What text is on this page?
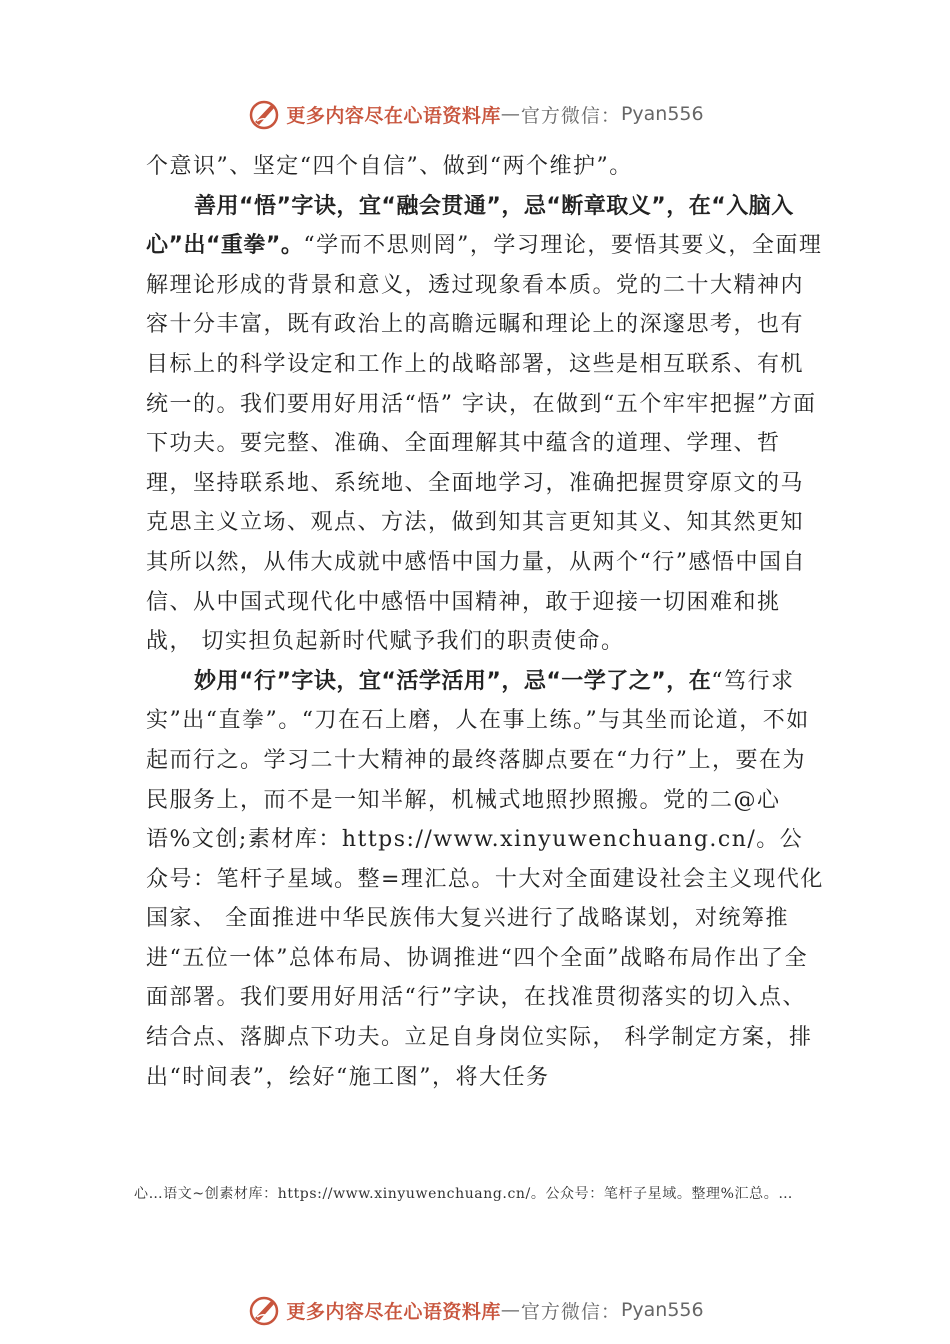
更多内容尽在心语资料库 — 官方微信： Pyan556

个意识”、坚定“四个自信”、做到“两个维护”。

善用“悟”字诀，宜“融会贯通”，忌“断章取义”，在“入脑入心”出“重拳”。“学而不思则罔”，学习理论，要悟其要义，全面理解理论形成的背景和意义，透过现象看本质。党的二十大精神内容十分丰富，既有政治上的高瞻远瞩和理论上的深邃思考，也有目标上的科学设定和工作上的战略部署，这些是相互联系、有机统一的。我们要用好用活“悟” 字诀，在做到“五个牢牢把握”方面下功夫。要完整、准确、全面理解其中蕴含的道理、学理、哲理，坚持联系地、系统地、全面地学习，准确把握贯穿原文的马克思主义立场、观点、方法，做到知其言更知其义、知其然更知其所以然，从伟大成就中感悟中国力量，从两个“行”感悟中国自信、从中国式现代化中感悟中国精神，敢于迎接一切困难和挑战， 切实担负起新时代赋予我们的职责使命。

妙用“行”字诀，宜“活学活用”，忌“一学了之”，在“笃行求实”出“直拳”。“刀在石上磨，人在事上练。”与其坐而论道，不如起而行之。学习二十大精神的最终落脚点要在“力行”上，要在为民服务上，而不是一知半解，机械式地照抄照搬。党的二@心语%文创;素材库：https://www.xinyuwenchuang.cn/。公众号：笔杆子星域。整=理汇总。十大对全面建设社会主义现代化国家、 全面推进中华民族伟大复兴进行了战略谋划，对统筹推进“五位一体”总体布局、协调推进“四个全面”战略布局作出了全面部署。我们要用好用活“行”字诀，在找准贯彻落实的切入点、结合点、落脚点下功夫。立足自身岗位实际， 科学制定方案，排出“时间表”，绘好“施工图”，将大任务

心…语文~创素材库：https://www.xinyuwenchuang.cn/。公众号：笔杆子星域。整理%汇总。…
更多内容尽在心语资料库 — 官方微信： Pyan556
